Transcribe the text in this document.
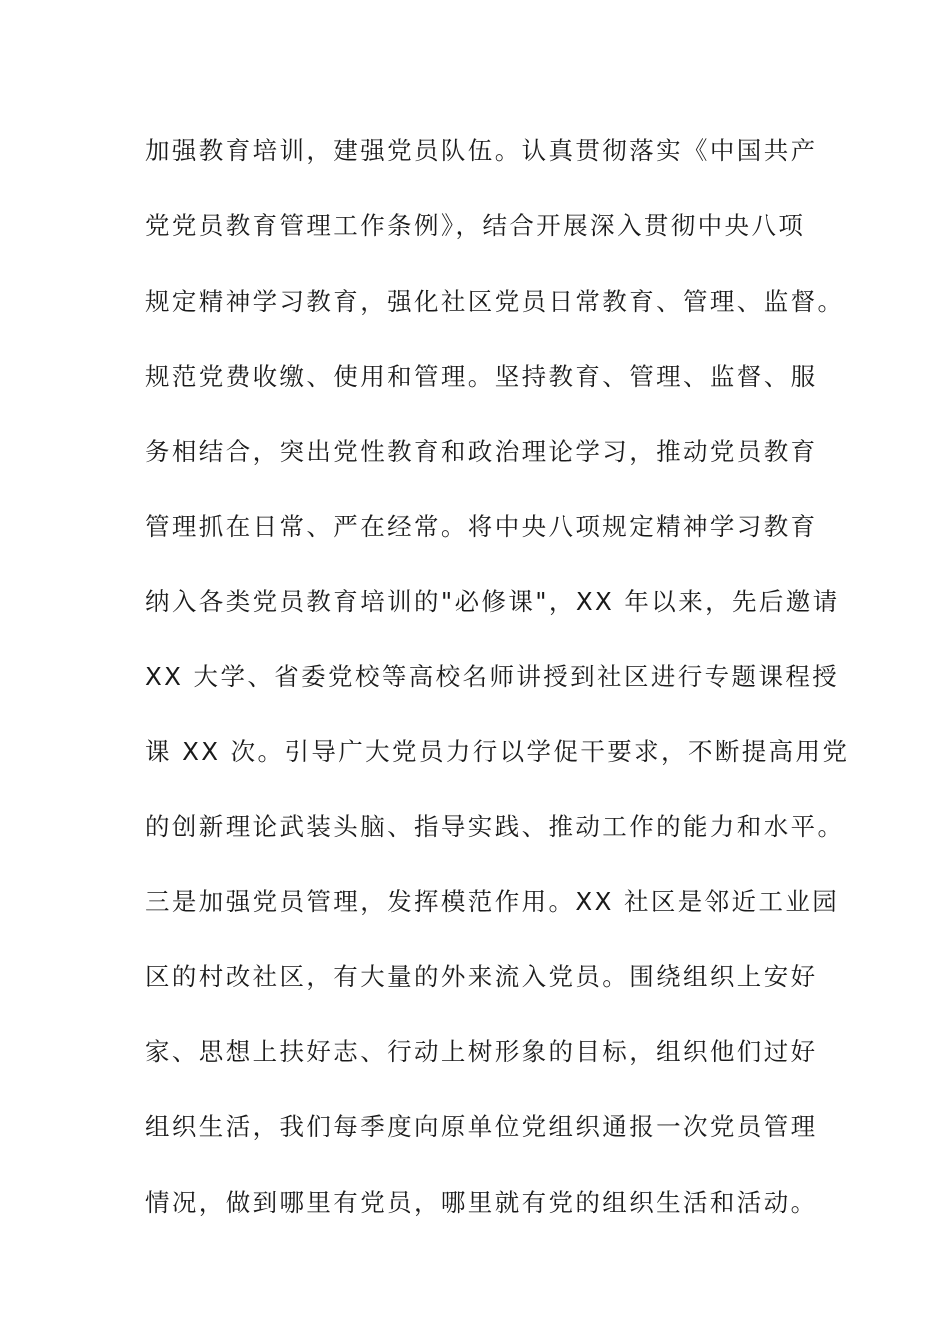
加强教育培训，建强党员队伍。认真贯彻落实《中国共产
党党员教育管理工作条例》，结合开展深入贯彻中央八项
规定精神学习教育，强化社区党员日常教育、管理、监督。
规范党费收缴、使用和管理。坚持教育、管理、监督、服
务相结合，突出党性教育和政治理论学习，推动党员教育
管理抓在日常、严在经常。将中央八项规定精神学习教育
纳入各类党员教育培训的"必修课"，XX 年以来，先后邀请
XX 大学、省委党校等高校名师讲授到社区进行专题课程授
课 XX 次。引导广大党员力行以学促干要求，不断提高用党
的创新理论武装头脑、指导实践、推动工作的能力和水平。
三是加强党员管理，发挥模范作用。XX 社区是邻近工业园
区的村改社区，有大量的外来流入党员。围绕组织上安好
家、思想上扶好志、行动上树形象的目标，组织他们过好
组织生活，我们每季度向原单位党组织通报一次党员管理
情况，做到哪里有党员，哪里就有党的组织生活和活动。
